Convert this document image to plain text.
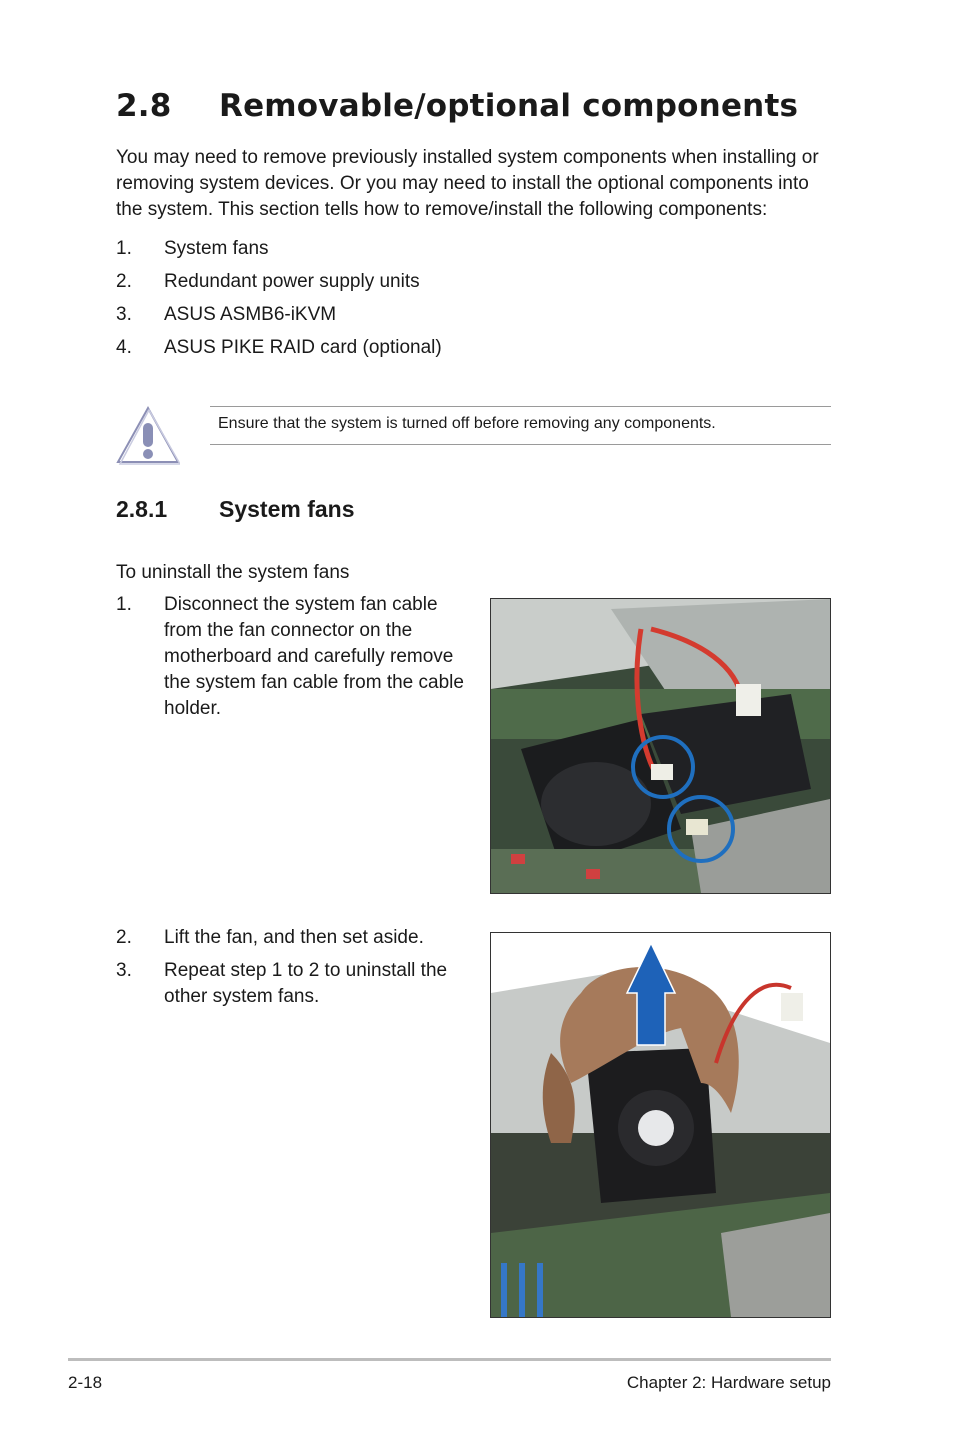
2.8 Removable/optional components

You may need to remove previously installed system components when installing or removing system devices. Or you may need to install the optional components into the system. This section tells how to remove/install the following components:

1.	System fans
2.	Redundant power supply units
3.	ASUS ASMB6-iKVM
4.	ASUS PIKE RAID card (optional)
Ensure that the system is turned off before removing any components.
2.8.1 System fans
To uninstall the system fans
1.	Disconnect the system fan cable from the fan connector on the motherboard and carefully remove the system fan cable from the cable holder.
2.	Lift the fan, and then set aside.
3.	Repeat step 1 to 2 to uninstall the other system fans.
2-18	Chapter 2: Hardware setup
